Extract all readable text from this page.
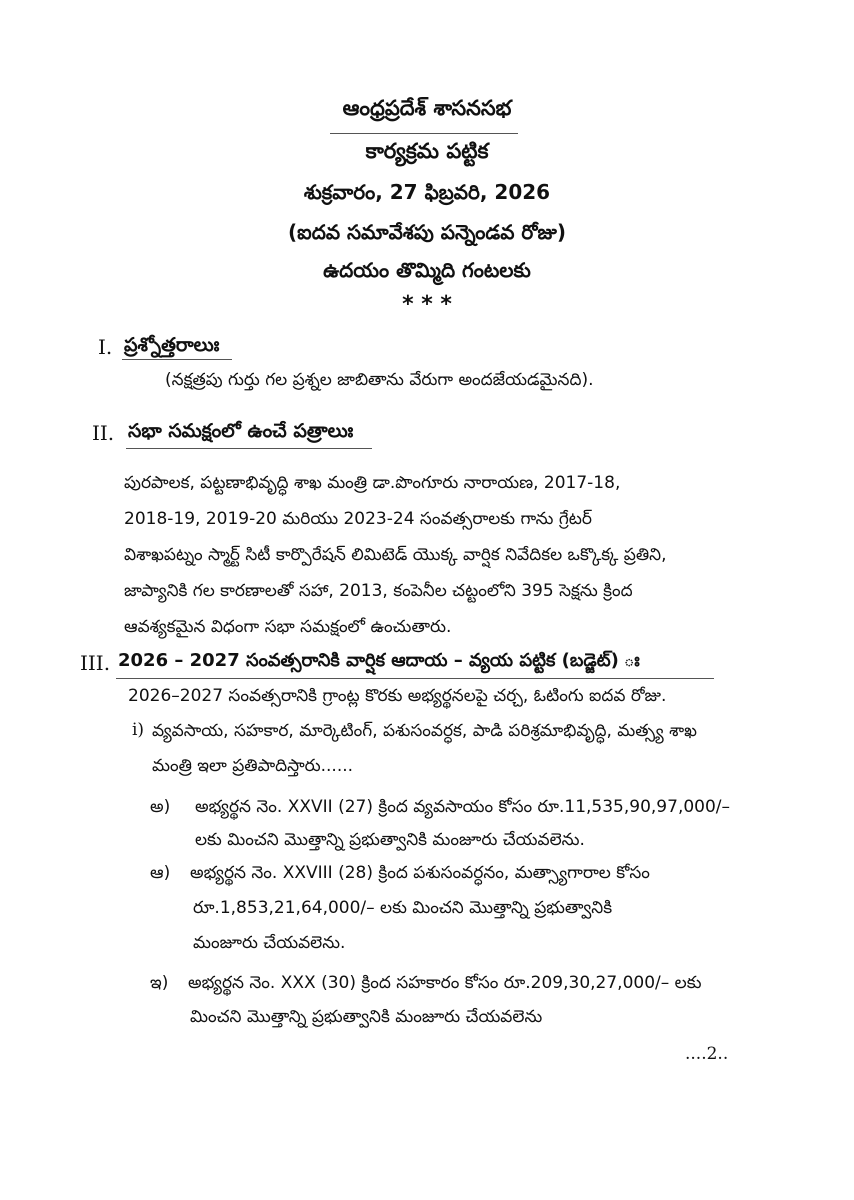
ఆంధ్రప్రదేశ్ శాసనసభ
కార్యక్రమ పట్టిక
శుక్రవారం, 27 ఫిబ్రవరి, 2026
(ఐదవ సమావేశపు పన్నెండవ రోజు)
ఉదయం తొమ్మిది గంటలకు
* * *
I. ప్రశ్నోత్తరాలుః
(నక్షత్రపు గుర్తు గల ప్రశ్నల జాబితాను వేరుగా అందజేయడమైనది).
II. సభా సమక్షంలో ఉంచే పత్రాలుః
పురపాలక, పట్టణాభివృద్ధి శాఖ మంత్రి డా.పొంగూరు నారాయణ, 2017-18,
2018-19, 2019-20 మరియు 2023-24 సంవత్సరాలకు గాను గ్రేటర్
విశాఖపట్నం స్మార్ట్ సిటీ కార్పొరేషన్ లిమిటెడ్ యొక్క వార్షిక నివేదికల ఒక్కొక్క ప్రతిని,
జాప్యానికి గల కారణాలతో సహా, 2013, కంపెనీల చట్టంలోని 395 సెక్షను క్రింద
ఆవశ్యకమైన విధంగా సభా సమక్షంలో ఉంచుతారు.
III. 2026 – 2027 సంవత్సరానికి వార్షిక ఆదాయ – వ్యయ పట్టిక (బడ్జెట్) ః
2026–2027 సంవత్సరానికి గ్రాంట్ల కొరకు అభ్యర్థనలపై చర్చ, ఓటింగు ఐదవ రోజు.
i) వ్యవసాయ, సహకార, మార్కెటింగ్, పశుసంవర్ధక, పాడి పరిశ్రమాభివృద్ధి, మత్స్య శాఖ
మంత్రి ఇలా ప్రతిపాదిస్తారు......
అ) అభ్యర్థన నెం. XXVII (27) క్రింద వ్యవసాయం కోసం రూ.11,535,90,97,000/–
లకు మించని మొత్తాన్ని ప్రభుత్వానికి మంజూరు చేయవలెను.
ఆ) అభ్యర్థన నెం. XXVIII (28) క్రింద పశుసంవర్ధనం, మత్స్యాగారాల కోసం
రూ.1,853,21,64,000/– లకు మించని మొత్తాన్ని ప్రభుత్వానికి
మంజూరు చేయవలెను.
ఇ) అభ్యర్థన నెం. XXX (30) క్రింద సహకారం కోసం రూ.209,30,27,000/– లకు
మించని మొత్తాన్ని ప్రభుత్వానికి మంజూరు చేయవలెను
....2..
